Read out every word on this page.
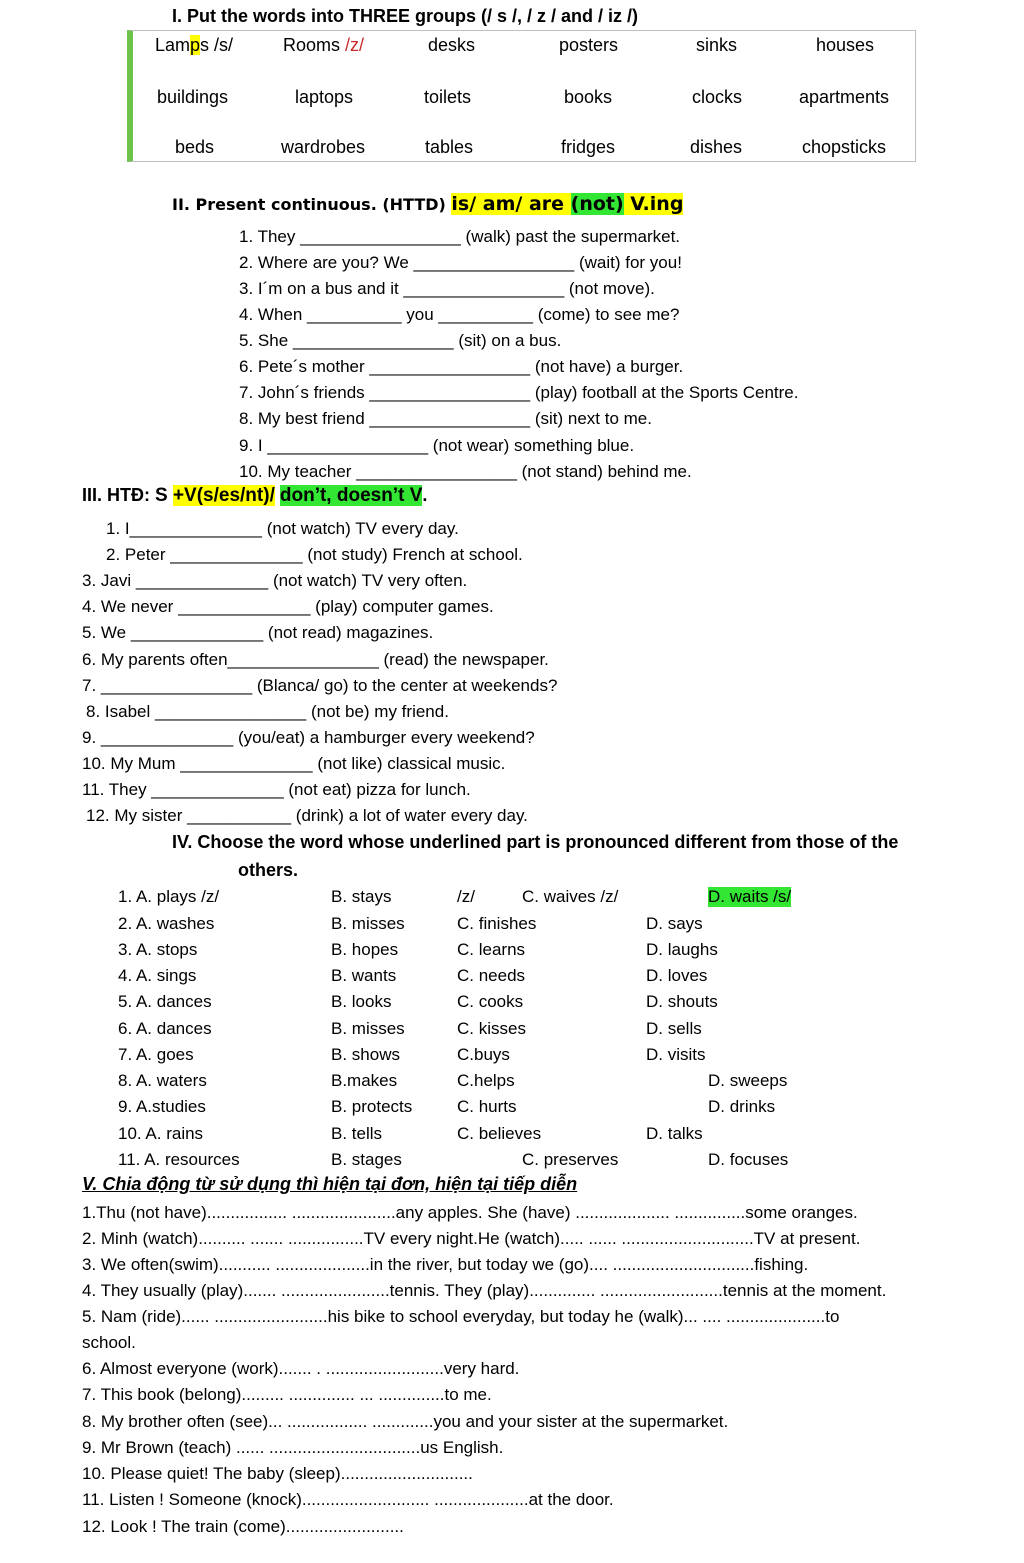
I. Put the words into THREE groups (/ s /, / z / and / iz /)
Lamps /s/	Rooms /z/	desks	posters	sinks	houses
buildings	laptops	toilets	books	clocks	apartments
beds	wardrobes	tables	fridges	dishes	chopsticks
II. Present continuous. (HTTD) is/ am/ are (not) V.ing
1. They _________________ (walk) past the supermarket.
2. Where are you? We _________________ (wait) for you!
3. I´m on a bus and it _________________ (not move).
4. When __________ you __________ (come) to see me?
5. She _________________ (sit) on a bus.
6. Pete´s mother _________________ (not have) a burger.
7. John´s friends _________________ (play) football at the Sports Centre.
8. My best friend _________________ (sit) next to me.
9. I _________________ (not wear) something blue.
10. My teacher _________________ (not stand) behind me.
III. HTĐ: S +V(s/es/nt)/ don’t, doesn’t V.
1. I______________ (not watch) TV every day.
2. Peter ______________ (not study) French at school.
3. Javi ______________ (not watch) TV very often.
4. We never ______________ (play) computer games.
5. We ______________ (not read) magazines.
6. My parents often________________ (read) the newspaper.
7. ________________ (Blanca/ go) to the center at weekends?
8. Isabel ________________ (not be) my friend.
9. ______________ (you/eat) a hamburger every weekend?
10. My Mum ______________ (not like) classical music.
11. They ______________ (not eat) pizza for lunch.
12. My sister ___________ (drink) a lot of water every day.
IV. Choose the word whose underlined part is pronounced different from those of the
others.
1. A. plays /z/	B. stays	/z/	C. waives /z/	D. waits /s/
2. A. washes	B. misses	C. finishes	D. says
3. A. stops	B. hopes	C. learns	D. laughs
4. A. sings	B. wants	C. needs	D. loves
5. A. dances	B. looks	C. cooks	D. shouts
6. A. dances	B. misses	C. kisses	D. sells
7. A. goes	B. shows	C.buys	D. visits
8. A. waters	B.makes	C.helps	D. sweeps
9. A.studies	B. protects	C. hurts	D. drinks
10. A. rains	B. tells	C. believes	D. talks
11. A. resources	B. stages	C. preserves	D. focuses
V. Chia động từ sử dụng thì hiện tại đơn, hiện tại tiếp diễn
1.Thu (not have)................. ......................any apples. She (have) .................... ...............some oranges.
2. Minh (watch).......... ....... ................TV every night.He (watch)..... ...... ............................TV at present.
3. We often(swim)........... ....................in the river, but today we (go).... ..............................fishing.
4. They usually (play)....... .......................tennis. They (play).............. ..........................tennis at the moment.
5. Nam (ride)...... ........................his bike to school everyday, but today he (walk)... .... .....................to
school.
6. Almost everyone (work)....... . .........................very hard.
7. This book (belong)......... .............. ... ..............to me.
8. My brother often (see)... ................. .............you and your sister at the supermarket.
9. Mr Brown (teach) ...... ................................us English.
10. Please quiet! The baby (sleep)............................
11. Listen ! Someone (knock)........................... ....................at the door.
12. Look ! The train (come).........................
